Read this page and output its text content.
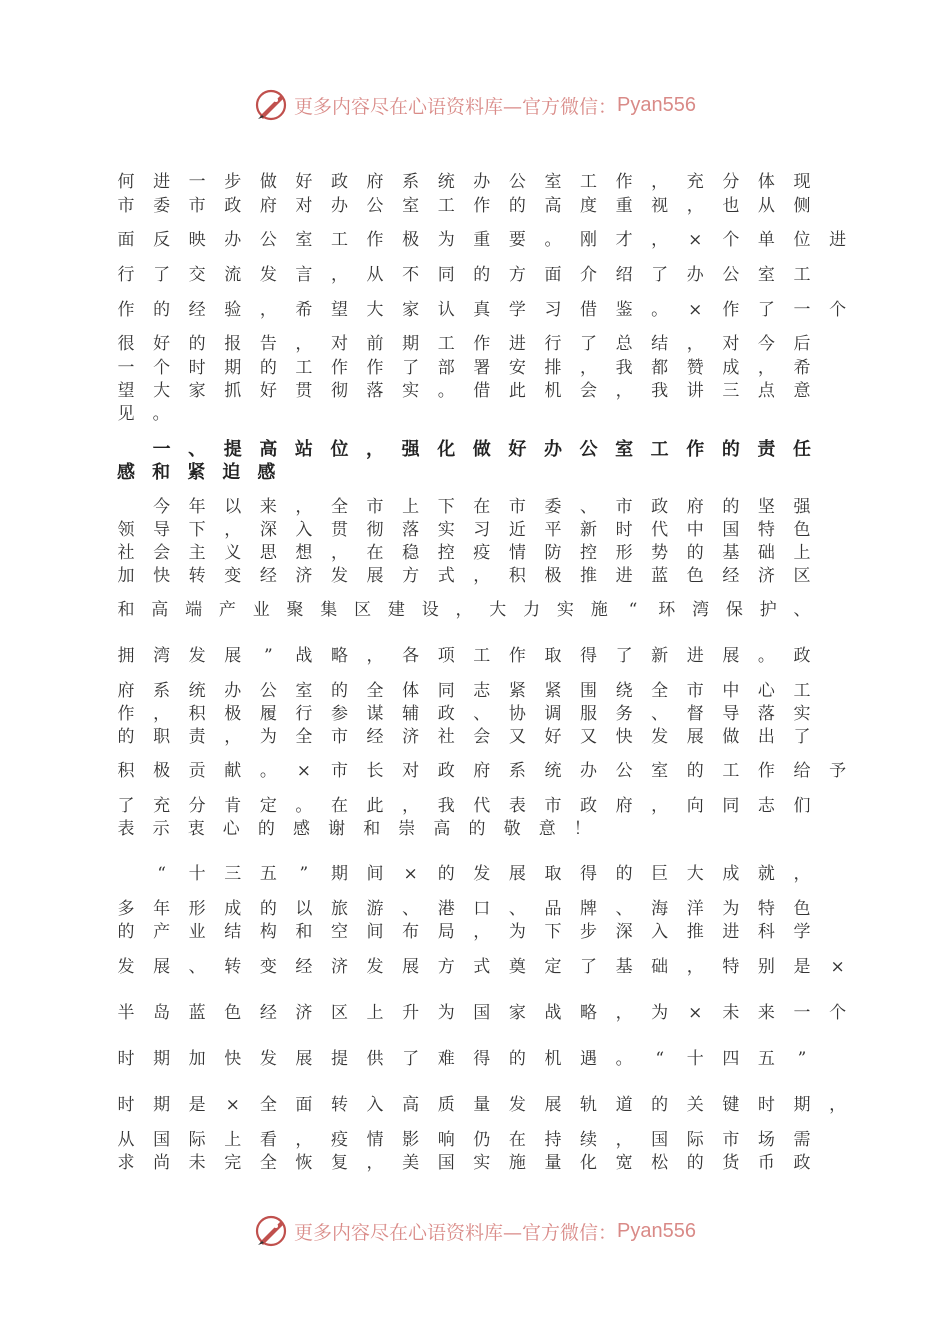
更多内容尽在心语资料库—官方微信： Pyan556
何 进 一 步 做 好 政 府 系 统 办 公 室 工 作 ， 充 分 体 现
市 委 市 政 府 对 办 公 室 工 作 的 高 度 重 视 ， 也 从 侧
面 反 映 办 公 室 工 作 极 为 重 要 。 刚 才 ， × 个 单 位 进
行 了 交 流 发 言 ， 从 不 同 的 方 面 介 绍 了 办 公 室 工
作 的 经 验 ， 希 望 大 家 认 真 学 习 借 鉴 。 × 作 了 一 个
很 好 的 报 告 ， 对 前 期 工 作 进 行 了 总 结 ， 对 今 后
一 个 时 期 的 工 作 作 了 部 署 安 排 ， 我 都 赞 成 ， 希
望 大 家 抓 好 贯 彻 落 实 。 借 此 机 会 ， 我 讲 三 点 意
见 。

一 、 提 高 站 位 ， 强 化 做 好 办 公 室 工 作 的 责 任
感 和 紧 迫 感

今 年 以 来 ， 全 市 上 下 在 市 委 、 市 政 府 的 坚 强
领 导 下 ， 深 入 贯 彻 落 实 习 近 平 新 时 代 中 国 特 色
社 会 主 义 思 想 ， 在 稳 控 疫 情 防 控 形 势 的 基 础 上
加 快 转 变 经 济 发 展 方 式 ， 积 极 推 进 蓝 色 经 济 区
和 高 端 产 业 聚 集 区 建 设 ， 大 力 实 施	“	环 湾 保 护 、
拥 湾 发 展	”	战 略 ， 各 项 工 作 取 得 了 新 进 展 。 政
府 系 统 办 公 室 的 全 体 同 志 紧 紧 围 绕 全 市 中 心 工
作 ， 积 极 履 行 参 谋 辅 政 、 协 调 服 务 、 督 导 落 实
的 职 责 ， 为 全 市 经 济 社 会 又 好 又 快 发 展 做 出 了
积 极 贡 献 。 × 市 长 对 政 府 系 统 办 公 室 的 工 作 给 予
了 充 分 肯 定 。 在 此 ， 我 代 表 市 政 府 ， 向 同 志 们
表 示 衷 心 的 感 谢 和 崇 高 的 敬 意 ！

“	十 三 五	”	期 间 × 的 发 展 取 得 的 巨 大 成 就 ，
多 年 形 成 的 以 旅 游 、 港 口 、 品 牌 、 海 洋 为 特 色
的 产 业 结 构 和 空 间 布 局 ， 为 下 步 深 入 推 进 科 学
发 展 、 转 变 经 济 发 展 方 式 奠 定 了 基 础 ， 特 别 是 ×
半 岛 蓝 色 经 济 区 上 升 为 国 家 战 略 ， 为 × 未 来 一 个
时 期 加 快 发 展 提 供 了 难 得 的 机 遇 。	“	十 四 五	”
时 期 是 × 全 面 转 入 高 质 量 发 展 轨 道 的 关 键 时 期 ，
从 国 际 上 看 ， 疫 情 影 响 仍 在 持 续 ， 国 际 市 场 需
求 尚 未 完 全 恢 复 ， 美 国 实 施 量 化 宽 松 的 货 币 政
更多内容尽在心语资料库—官方微信： Pyan556
